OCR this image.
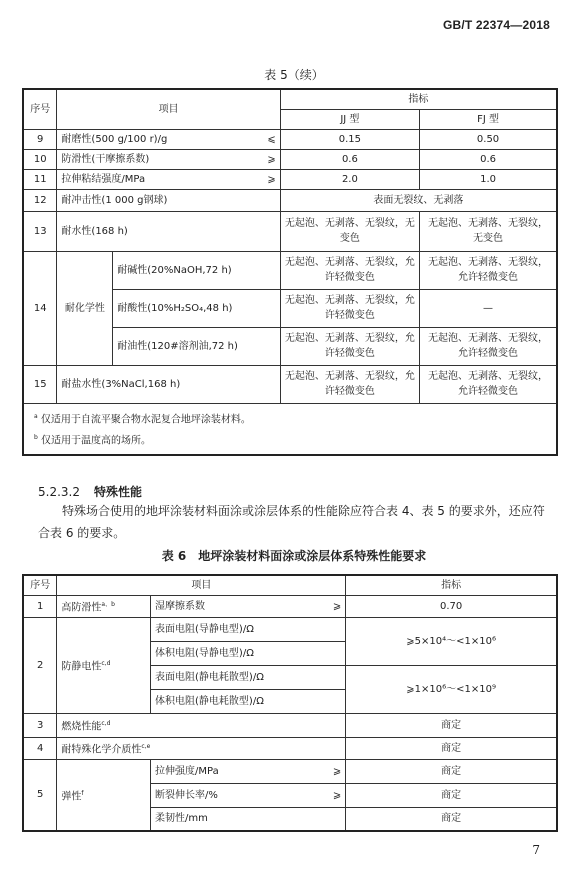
GB/T 22374—2018
表 5（续）
序号	项目			指标	
				JJ 型	FJ 型
9	耐磨性(500 g/100 r)/g		⩽	0.15	0.50
10	防滑性(干摩擦系数)		⩾	0.6	0.6
11	拉伸粘结强度/MPa		⩾	2.0	1.0
12	耐冲击性(1 000 g钢球)			表面无裂纹、无剥落	
13	耐水性(168 h)			无起泡、无剥落、无裂纹，无变色	无起泡、无剥落、无裂纹，无变色
14	耐化学性	耐碱性(20%NaOH,72 h)		无起泡、无剥落、无裂纹，允许轻微变色	无起泡、无剥落、无裂纹，允许轻微变色
		耐酸性(10%H₂SO₄,48 h)		无起泡、无剥落、无裂纹，允许轻微变色	—
		耐油性(120#溶剂油,72 h)		无起泡、无剥落、无裂纹，允许轻微变色	无起泡、无剥落、无裂纹，允许轻微变色
15	耐盐水性(3%NaCl,168 h)			无起泡、无剥落、无裂纹，允许轻微变色	无起泡、无剥落、无裂纹，允许轻微变色

$^a$ 仅适用于自流平聚合物水泥复合地坪涂装材料。
$^b$ 仅适用于温度高的场所。					
5.2.3.2 特殊性能
特殊场合使用的地坪涂装材料面涂或涂层体系的性能除应符合表 4、表 5 的要求外，还应符合表 6 的要求。
表 6　地坪涂装材料面涂或涂层体系特殊性能要求
序号	项目			指标
1	高防滑性$^{a、b}$	湿摩擦系数	⩾	0.70
2	防静电性$^{c,d}$	表面电阻(导静电型)/Ω		⩾5×10⁴～<1×10⁶
		体积电阻(导静电型)/Ω		
		表面电阻(静电耗散型)/Ω		⩾1×10⁶～<1×10⁹
		体积电阻(静电耗散型)/Ω		
3	燃烧性能$^{c,d}$			商定
4	耐特殊化学介质性$^{c,e}$			商定
5	弹性$^f$	拉伸强度/MPa	⩾	商定
		断裂伸长率/%	⩾	商定
		柔韧性/mm		商定
7
